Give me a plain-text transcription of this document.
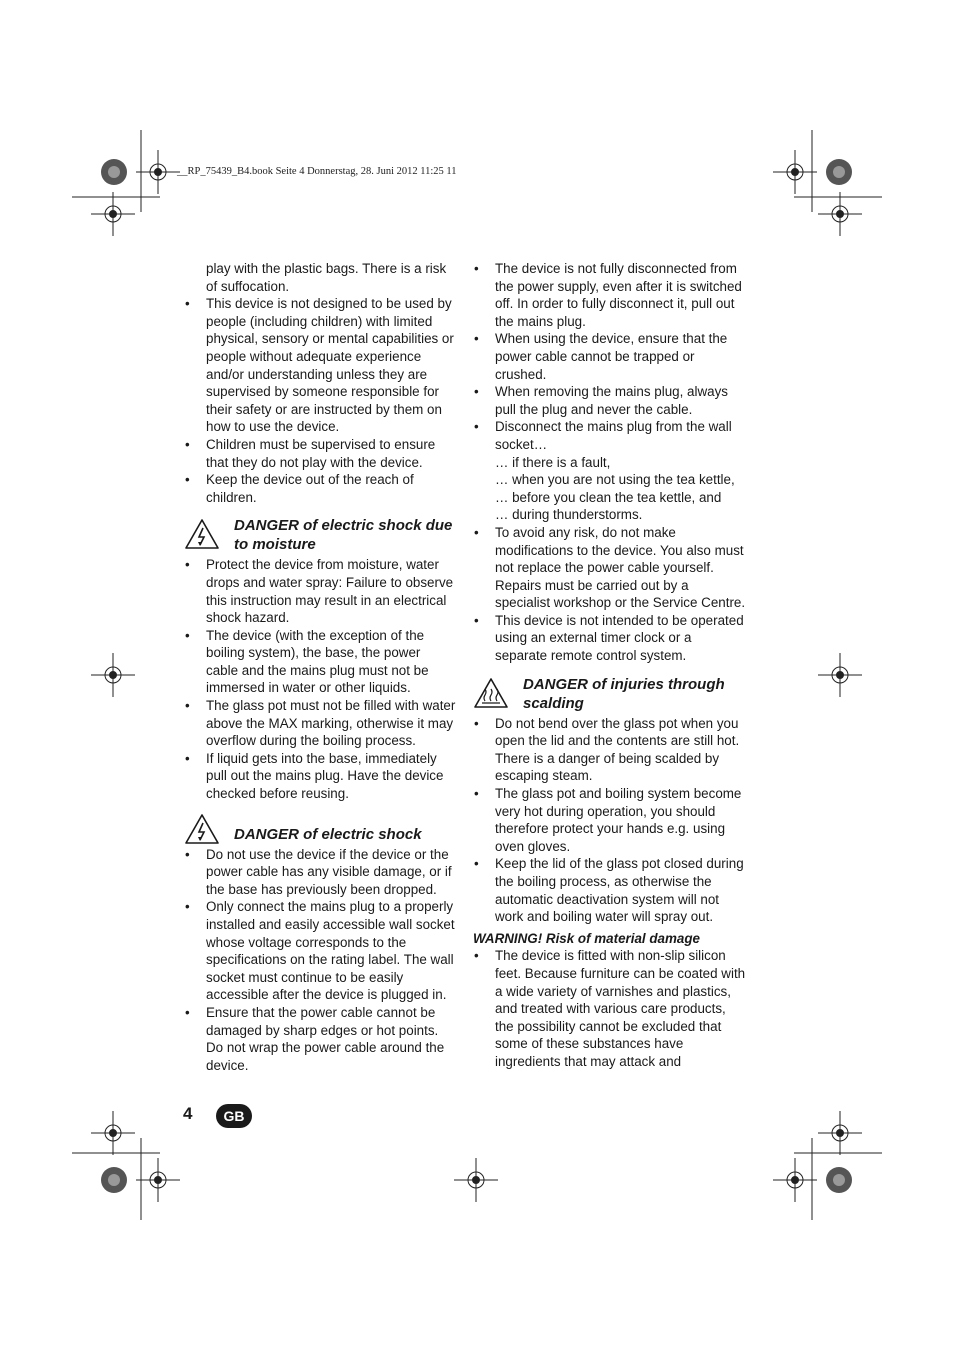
__RP_75439_B4.book Seite 4 Donnerstag, 28. Juni 2012 11:25 11

play with the plastic bags. There is a risk of suffocation.

• This device is not designed to be used by people (including children) with limited physical, sensory or mental capabilities or people without adequate experience and/or understanding unless they are supervised by someone responsible for their safety or are instructed by them on how to use the device.

• Children must be supervised to ensure that they do not play with the device.

• Keep the device out of the reach of children.

DANGER of electric shock due to moisture

• Protect the device from moisture, water drops and water spray: Failure to observe this instruction may result in an electrical shock hazard.

• The device (with the exception of the boiling system), the base, the power cable and the mains plug must not be immersed in water or other liquids.

• The glass pot must not be filled with water above the MAX marking, otherwise it may overflow during the boiling process.

• If liquid gets into the base, immediately pull out the mains plug. Have the device checked before reusing.

DANGER of electric shock

• Do not use the device if the device or the power cable has any visible damage, or if the base has previously been dropped.

• Only connect the mains plug to a properly installed and easily accessible wall socket whose voltage corresponds to the specifications on the rating label. The wall socket must continue to be easily accessible after the device is plugged in.

• Ensure that the power cable cannot be damaged by sharp edges or hot points. Do not wrap the power cable around the device.

• The device is not fully disconnected from the power supply, even after it is switched off. In order to fully disconnect it, pull out the mains plug.

• When using the device, ensure that the power cable cannot be trapped or crushed.

• When removing the mains plug, always pull the plug and never the cable.

• Disconnect the mains plug from the wall socket…

… if there is a fault,

… when you are not using the tea kettle,

… before you clean the tea kettle, and

… during thunderstorms.

• To avoid any risk, do not make modifications to the device. You also must not replace the power cable yourself. Repairs must be carried out by a specialist workshop or the Service Centre.

• This device is not intended to be operated using an external timer clock or a separate remote control system.

DANGER of injuries through scalding

• Do not bend over the glass pot when you open the lid and the contents are still hot. There is a danger of being scalded by escaping steam.

• The glass pot and boiling system become very hot during operation, you should therefore protect your hands e.g. using oven gloves.

• Keep the lid of the glass pot closed during the boiling process, as otherwise the automatic deactivation system will not work and boiling water will spray out.

WARNING! Risk of material damage

• The device is fitted with non-slip silicon feet. Because furniture can be coated with a wide variety of varnishes and plastics, and treated with various care products, the possibility cannot be excluded that some of these substances have ingredients that may attack and

4	GB
